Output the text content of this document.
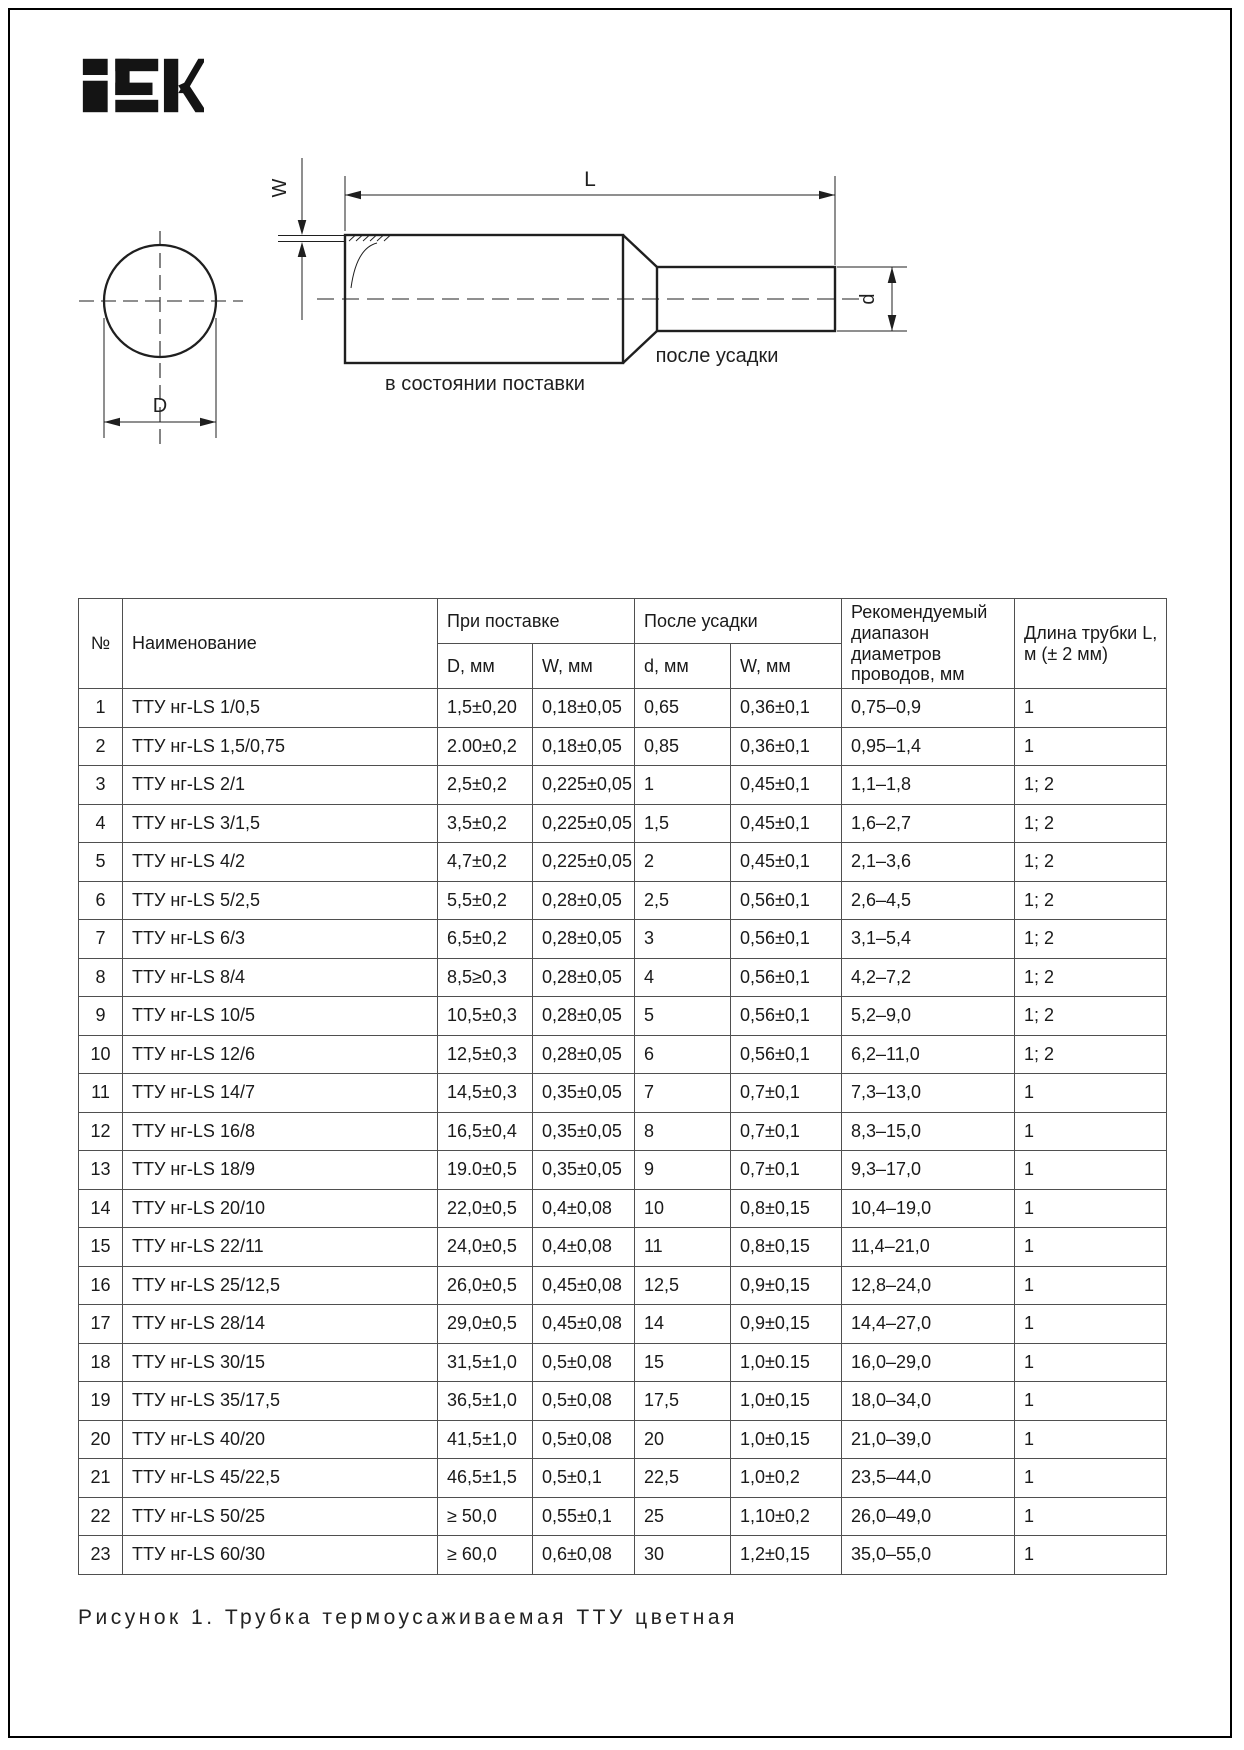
D
L
W
d
в состоянии поставки
после усадки
№	Наименование	При поставке		После усадки		Рекомендуемый диапазон диаметров проводов, мм	Длина трубки L, м (± 2 мм)
		D, мм	W, мм	d, мм	W, мм		
1	ТТУ нг-LS 1/0,5	1,5±0,20	0,18±0,05	0,65	0,36±0,1	0,75–0,9	1
2	ТТУ нг-LS 1,5/0,75	2.00±0,2	0,18±0,05	0,85	0,36±0,1	0,95–1,4	1
3	ТТУ нг-LS 2/1	2,5±0,2	0,225±0,05	1	0,45±0,1	1,1–1,8	1; 2
4	ТТУ нг-LS 3/1,5	3,5±0,2	0,225±0,05	1,5	0,45±0,1	1,6–2,7	1; 2
5	ТТУ нг-LS 4/2	4,7±0,2	0,225±0,05	2	0,45±0,1	2,1–3,6	1; 2
6	ТТУ нг-LS 5/2,5	5,5±0,2	0,28±0,05	2,5	0,56±0,1	2,6–4,5	1; 2
7	ТТУ нг-LS 6/3	6,5±0,2	0,28±0,05	3	0,56±0,1	3,1–5,4	1; 2
8	ТТУ нг-LS 8/4	8,5≥0,3	0,28±0,05	4	0,56±0,1	4,2–7,2	1; 2
9	ТТУ нг-LS 10/5	10,5±0,3	0,28±0,05	5	0,56±0,1	5,2–9,0	1; 2
10	ТТУ нг-LS 12/6	12,5±0,3	0,28±0,05	6	0,56±0,1	6,2–11,0	1; 2
11	ТТУ нг-LS 14/7	14,5±0,3	0,35±0,05	7	0,7±0,1	7,3–13,0	1
12	ТТУ нг-LS 16/8	16,5±0,4	0,35±0,05	8	0,7±0,1	8,3–15,0	1
13	ТТУ нг-LS 18/9	19.0±0,5	0,35±0,05	9	0,7±0,1	9,3–17,0	1
14	ТТУ нг-LS 20/10	22,0±0,5	0,4±0,08	10	0,8±0,15	10,4–19,0	1
15	ТТУ нг-LS 22/11	24,0±0,5	0,4±0,08	11	0,8±0,15	11,4–21,0	1
16	ТТУ нг-LS 25/12,5	26,0±0,5	0,45±0,08	12,5	0,9±0,15	12,8–24,0	1
17	ТТУ нг-LS 28/14	29,0±0,5	0,45±0,08	14	0,9±0,15	14,4–27,0	1
18	ТТУ нг-LS 30/15	31,5±1,0	0,5±0,08	15	1,0±0.15	16,0–29,0	1
19	ТТУ нг-LS 35/17,5	36,5±1,0	0,5±0,08	17,5	1,0±0,15	18,0–34,0	1
20	ТТУ нг-LS 40/20	41,5±1,0	0,5±0,08	20	1,0±0,15	21,0–39,0	1
21	ТТУ нг-LS 45/22,5	46,5±1,5	0,5±0,1	22,5	1,0±0,2	23,5–44,0	1
22	ТТУ нг-LS 50/25	≥ 50,0	0,55±0,1	25	1,10±0,2	26,0–49,0	1
23	ТТУ нг-LS 60/30	≥ 60,0	0,6±0,08	30	1,2±0,15	35,0–55,0	1
Рисунок 1. Трубка термоусаживаемая ТТУ цветная
